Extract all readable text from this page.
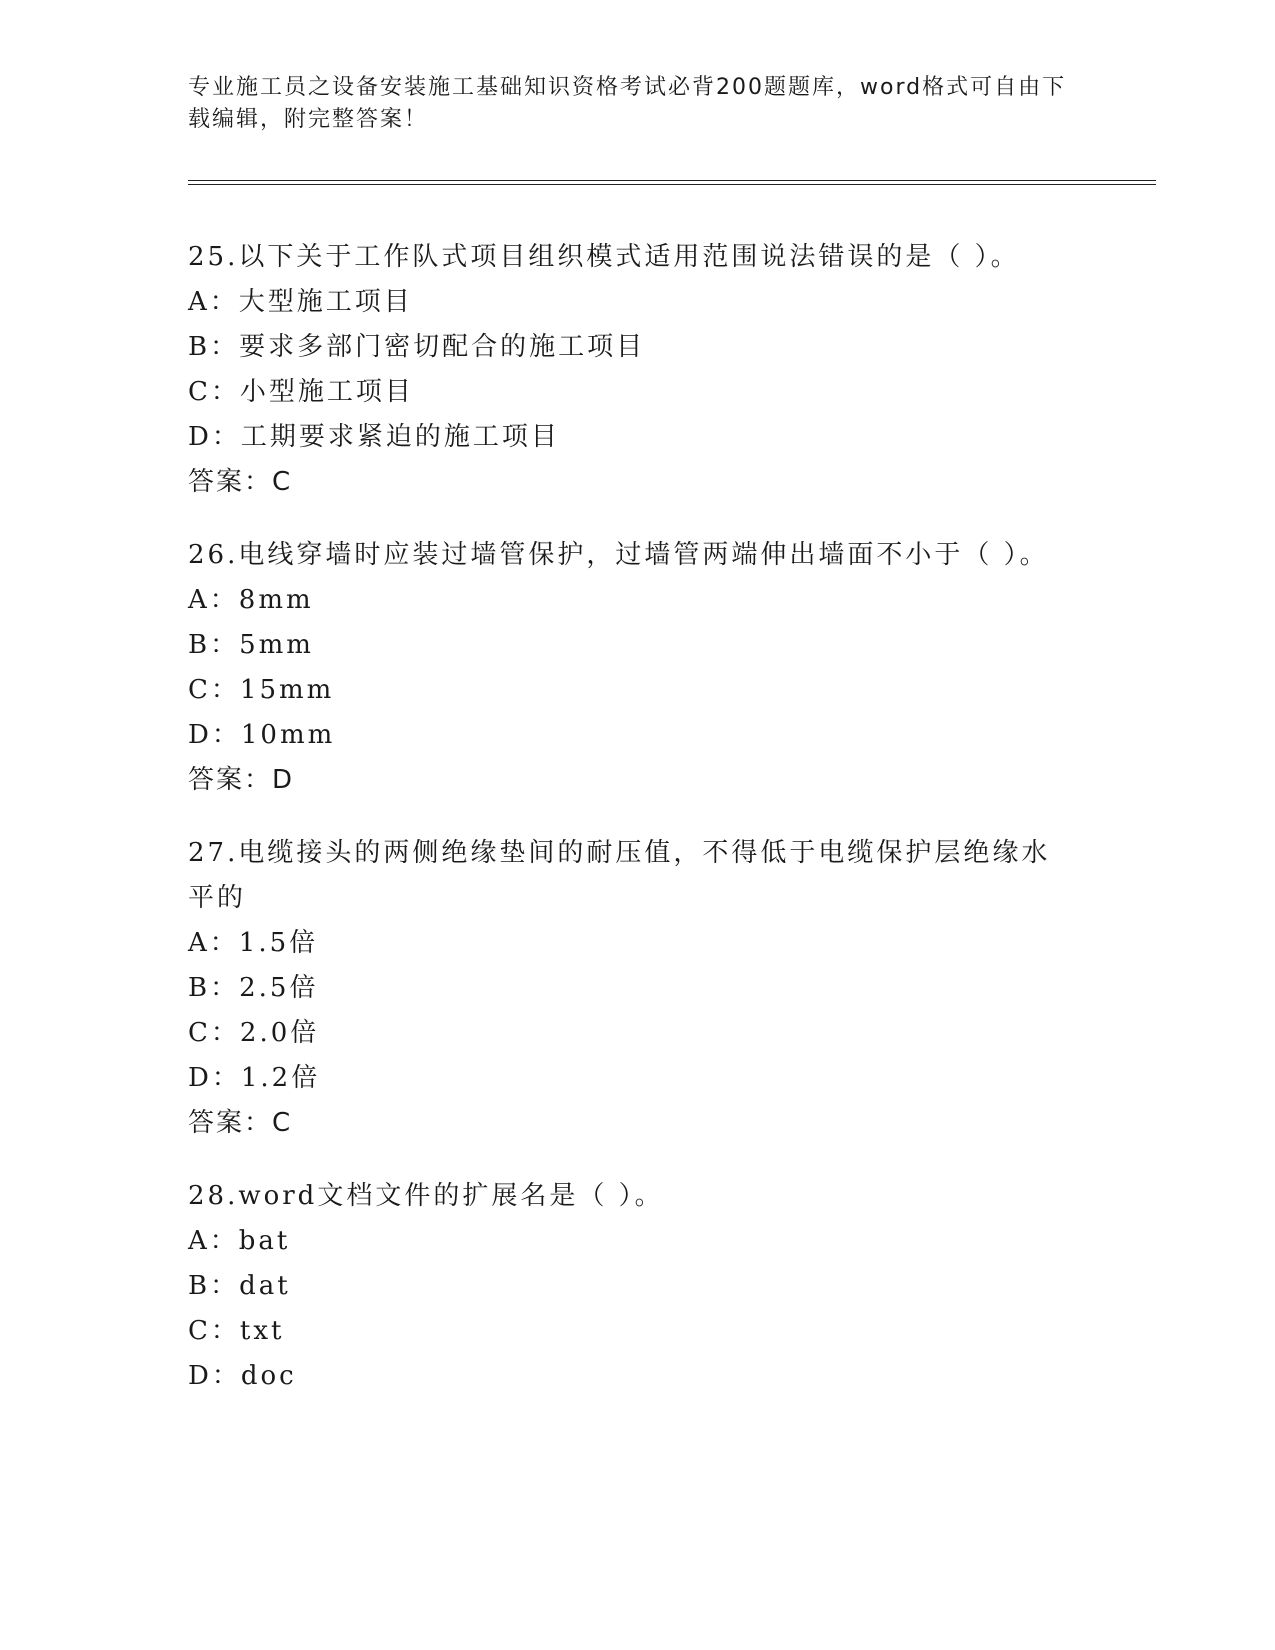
专业施工员之设备安装施工基础知识资格考试必背200题题库，word格式可自由下载编辑，附完整答案！
25.以下关于工作队式项目组织模式适用范围说法错误的是（ ）。
A： 大型施工项目
B： 要求多部门密切配合的施工项目
C： 小型施工项目
D： 工期要求紧迫的施工项目
答案：C
26.电线穿墙时应装过墙管保护，过墙管两端伸出墙面不小于（ ）。
A： 8mm
B： 5mm
C： 15mm
D： 10mm
答案：D
27.电缆接头的两侧绝缘垫间的耐压值，不得低于电缆保护层绝缘水平的
A： 1.5倍
B： 2.5倍
C： 2.0倍
D： 1.2倍
答案：C
28.word文档文件的扩展名是（ ）。
A： bat
B： dat
C： txt
D： doc
